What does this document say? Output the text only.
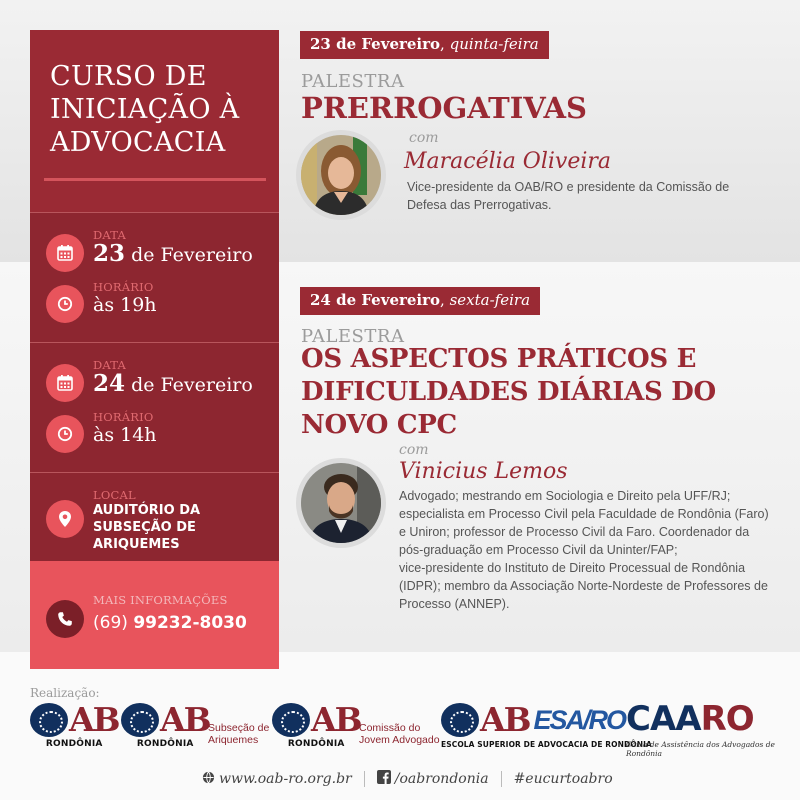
CURSO DE
INICIAÇÃO À
ADVOCACIA
DATA
23 de Fevereiro
HORÁRIO
às 19h
DATA
24 de Fevereiro
HORÁRIO
às 14h
LOCAL
AUDITÓRIO DA
SUBSEÇÃO DE ARIQUEMES
MAIS INFORMAÇÕES
(69) 99232-8030
23 de Fevereiro, quinta-feira
PALESTRA
PRERROGATIVAS
com
Maracélia Oliveira
Vice-presidente da OAB/RO e presidente da Comissão de
Defesa das Prerrogativas.
24 de Fevereiro, sexta-feira
PALESTRA
OS ASPECTOS PRÁTICOS E
DIFICULDADES DIÁRIAS DO
NOVO CPC
com
Vinicius Lemos
Advogado; mestrando em Sociologia e Direito pela UFF/RJ;
especialista em Processo Civil pela Faculdade de Rondônia (Faro)
e Uniron; professor de Processo Civil da Faro. Coordenador da
pós-graduação em Processo Civil da Uninter/FAP;
vice-presidente do Instituto de Direito Processual de Rondônia
(IDPR); membro da Associação Norte-Nordeste de Professores de
Processo (ANNEP).
Realização:
AB
RONDÔNIA
AB
RONDÔNIA
Subseção de
Ariquemes
AB
RONDÔNIA
Comissão do
Jovem Advogado
AB ESA/RO
ESCOLA SUPERIOR DE ADVOCACIA DE RONDÔNIA
CAARO
Caixa de Assistência dos Advogados de Rondônia
www.oab-ro.org.br	/oabrondonia #eucurtoabro
